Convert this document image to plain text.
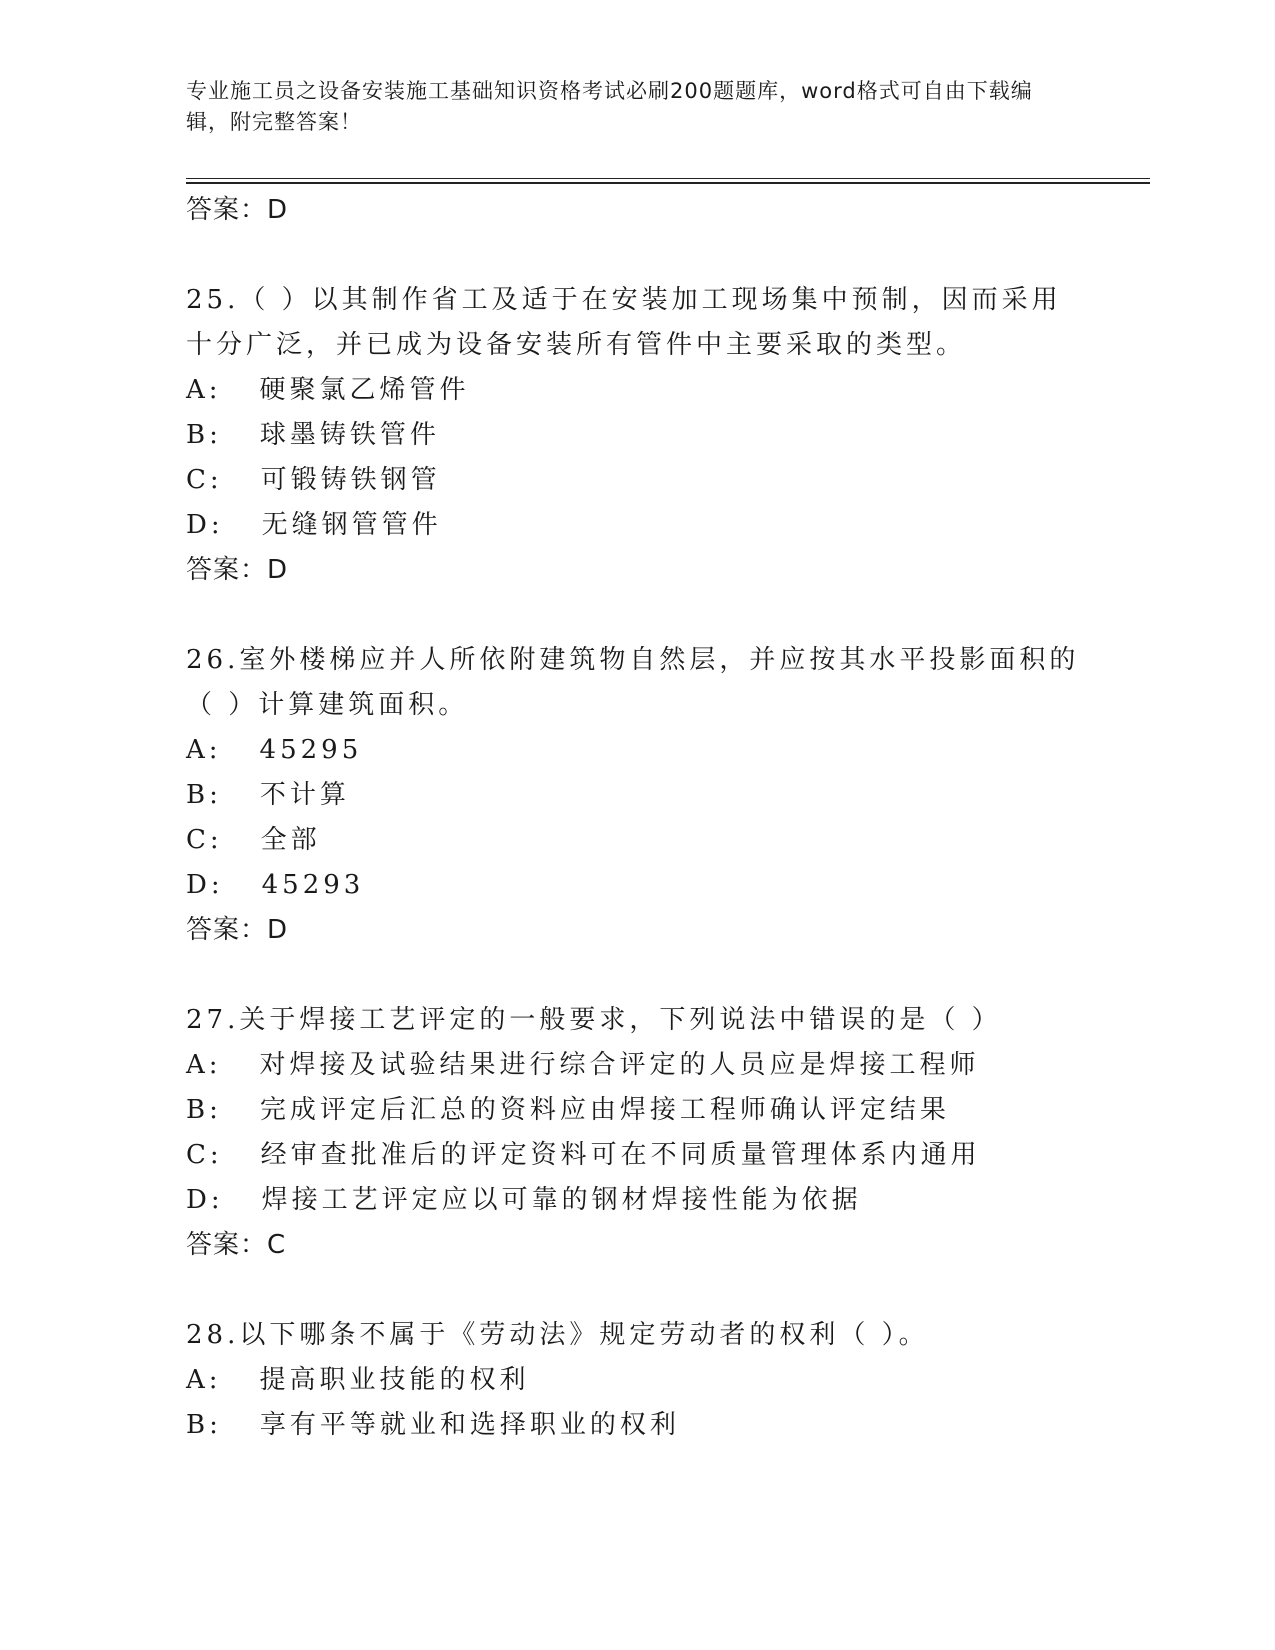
专业施工员之设备安装施工基础知识资格考试必刷200题题库，word格式可自由下载编辑，附完整答案！
答案：D
25.（ ）以其制作省工及适于在安装加工现场集中预制，因而采用十分广泛，并已成为设备安装所有管件中主要采取的类型。
A: 硬聚氯乙烯管件
B: 球墨铸铁管件
C: 可锻铸铁钢管
D: 无缝钢管管件
答案：D
26.室外楼梯应并人所依附建筑物自然层，并应按其水平投影面积的（ ）计算建筑面积。
A: 45295
B: 不计算
C: 全部
D: 45293
答案：D
27.关于焊接工艺评定的一般要求，下列说法中错误的是（ ）
A: 对焊接及试验结果进行综合评定的人员应是焊接工程师
B: 完成评定后汇总的资料应由焊接工程师确认评定结果
C: 经审查批准后的评定资料可在不同质量管理体系内通用
D: 焊接工艺评定应以可靠的钢材焊接性能为依据
答案：C
28.以下哪条不属于《劳动法》规定劳动者的权利（ ）。
A: 提高职业技能的权利
B: 享有平等就业和选择职业的权利
